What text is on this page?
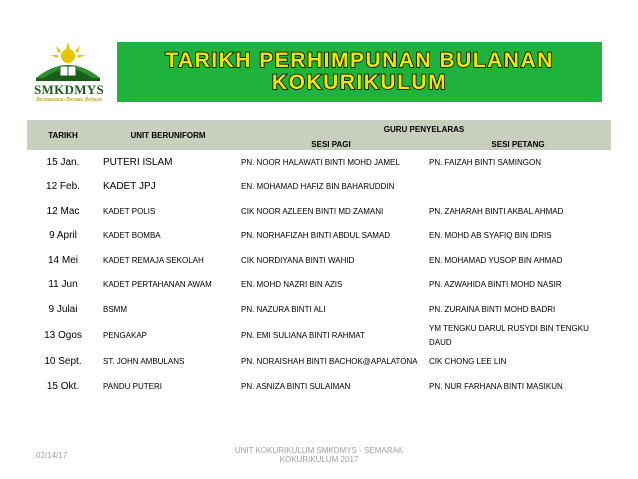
SMKDMYS
Berwawasan Bersatu Berjaya
TARIKH PERHIMPUNAN BULANAN
KOKURIKULUM
TARIKH	UNIT BERUNIFORM	GURU PENYELARAS	
		SESI PAGI	SESI PETANG
15 Jan.	PUTERI ISLAM	PN. NOOR HALAWATI BINTI MOHD JAMEL	PN. FAIZAH BINTI SAMINGON
12 Feb.	KADET JPJ	EN. MOHAMAD HAFIZ BIN BAHARUDDIN	
12 Mac	KADET POLIS	CIK NOOR AZLEEN BINTI MD ZAMANI	PN. ZAHARAH BINTI AKBAL AHMAD
9 April	KADET BOMBA	PN. NORHAFIZAH BINTI ABDUL SAMAD	EN. MOHD AB SYAFIQ BIN IDRIS
14 Mei	KADET REMAJA SEKOLAH	CIK NORDIYANA BINTI WAHID	EN. MOHAMAD YUSOP BIN AHMAD
11 Jun	KADET PERTAHANAN AWAM	EN. MOHD NAZRI BIN AZIS	PN. AZWAHIDA BINTI MOHD NASIR
9 Julai	BSMM	PN. NAZURA BINTI ALI	PN. ZURAINA BINTI MOHD BADRI
13 Ogos	PENGAKAP	PN. EMI SULIANA BINTI RAHMAT	YM TENGKU DARUL RUSYDI BIN TENGKU DAUD
10 Sept.	ST. JOHN AMBULANS	PN. NORAISHAH BINTI BACHOK@APALATONA	CIK CHONG LEE LIN
15 Okt.	PANDU PUTERI	PN. ASNIZA BINTI SULAIMAN	PN. NUR FARHANA BINTI MASIKUN
02/14/17
UNIT KOKURIKULUM SMKDMYS - SEMARAK KOKURIKULUM 2017
